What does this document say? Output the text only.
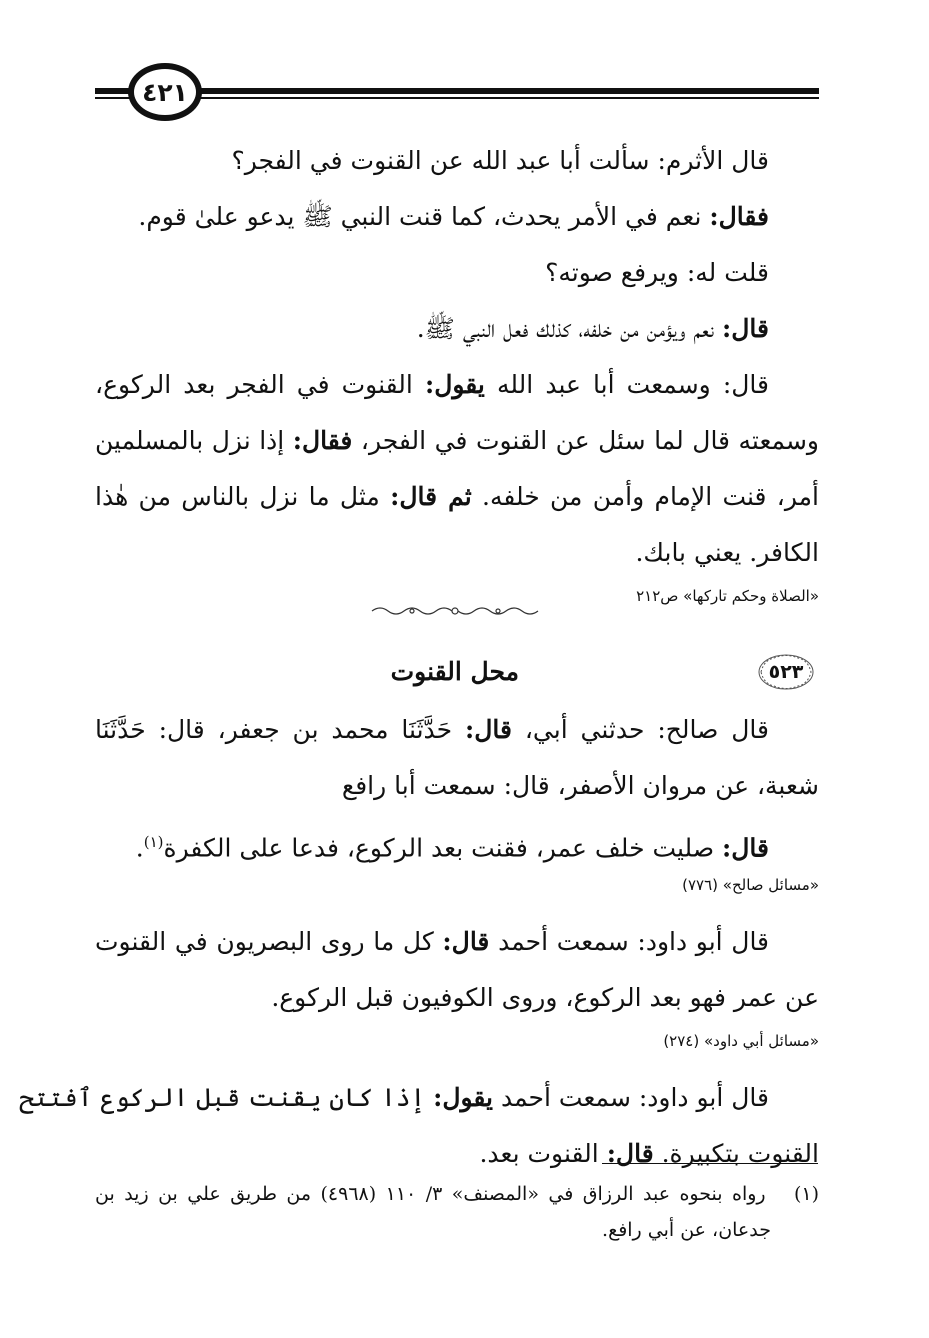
٤٢١
قال الأثرم: سألت أبا عبد الله عن القنوت في الفجر؟
فقال: نعم في الأمر يحدث، كما قنت النبي ﷺ يدعو علىٰ قوم.
قلت له: ويرفع صوته؟
قال: نعم ويؤمن من خلفه، كذلك فعل النبي ﷺ.
قال: وسمعت أبا عبد الله يقول: القنوت في الفجر بعد الركوع،
وسمعته قال لما سئل عن القنوت في الفجر، فقال: إذا نزل بالمسلمين
أمر، قنت الإمام وأمن من خلفه. ثم قال: مثل ما نزل بالناس من هٰذا
الكافر. يعني بابك.
«الصلاة وحكم تاركها» ص٢١٢
محل القنوت	٥٢٣
قال صالح: حدثني أبي، قال: حَدَّثَنَا محمد بن جعفر، قال: حَدَّثَنَا
شعبة، عن مروان الأصفر، قال: سمعت أبا رافع
قال: صليت خلف عمر، فقنت بعد الركوع، فدعا على الكفرة$^{(١)}$.
«مسائل صالح» (٧٧٦)
قال أبو داود: سمعت أحمد قال: كل ما روى البصريون في القنوت
عن عمر فهو بعد الركوع، وروى الكوفيون قبل الركوع.
«مسائل أبي داود» (٢٧٤)
قال أبو داود: سمعت أحمد يقول: إذا كان يقنت قبل الركوع ٱفتتح
القنوت بتكبيرة. قال: القنوت بعد.
(١)   رواه بنحوه عبد الرزاق في «المصنف» ٣/ ١١٠ (٤٩٦٨) من طريق علي بن زيد بن
جدعان، عن أبي رافع.
